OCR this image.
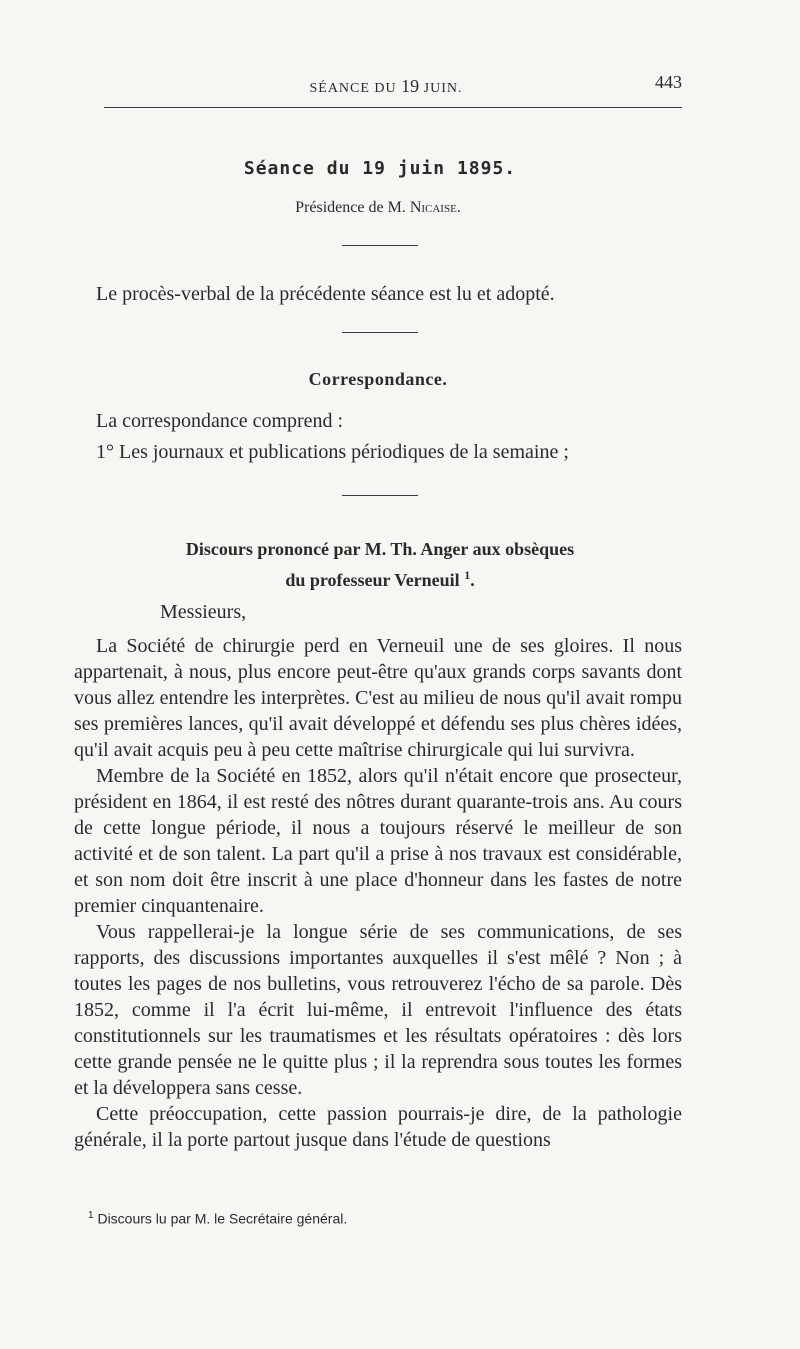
SÉANCE DU 19 JUIN.	443
Séance du 19 juin 1895.
Présidence de M. Nicaise.
Le procès-verbal de la précédente séance est lu et adopté.
Correspondance.
La correspondance comprend :
1° Les journaux et publications périodiques de la semaine ;
Discours prononcé par M. Th. Anger aux obsèques
du professeur Verneuil $^1$.
Messieurs,

La Société de chirurgie perd en Verneuil une de ses gloires. Il nous appartenait, à nous, plus encore peut-être qu'aux grands corps savants dont vous allez entendre les interprètes. C'est au milieu de nous qu'il avait rompu ses premières lances, qu'il avait développé et défendu ses plus chères idées, qu'il avait acquis peu à peu cette maîtrise chirurgicale qui lui survivra.

Membre de la Société en 1852, alors qu'il n'était encore que prosecteur, président en 1864, il est resté des nôtres durant quarante-trois ans. Au cours de cette longue période, il nous a toujours réservé le meilleur de son activité et de son talent. La part qu'il a prise à nos travaux est considérable, et son nom doit être inscrit à une place d'honneur dans les fastes de notre premier cinquantenaire.

Vous rappellerai-je la longue série de ses communications, de ses rapports, des discussions importantes auxquelles il s'est mêlé ? Non ; à toutes les pages de nos bulletins, vous retrouverez l'écho de sa parole. Dès 1852, comme il l'a écrit lui-même, il entrevoit l'influence des états constitutionnels sur les traumatismes et les résultats opératoires : dès lors cette grande pensée ne le quitte plus ; il la reprendra sous toutes les formes et la développera sans cesse.

Cette préoccupation, cette passion pourrais-je dire, de la pathologie générale, il la porte partout jusque dans l'étude de questions

$^1$ Discours lu par M. le Secrétaire général.
